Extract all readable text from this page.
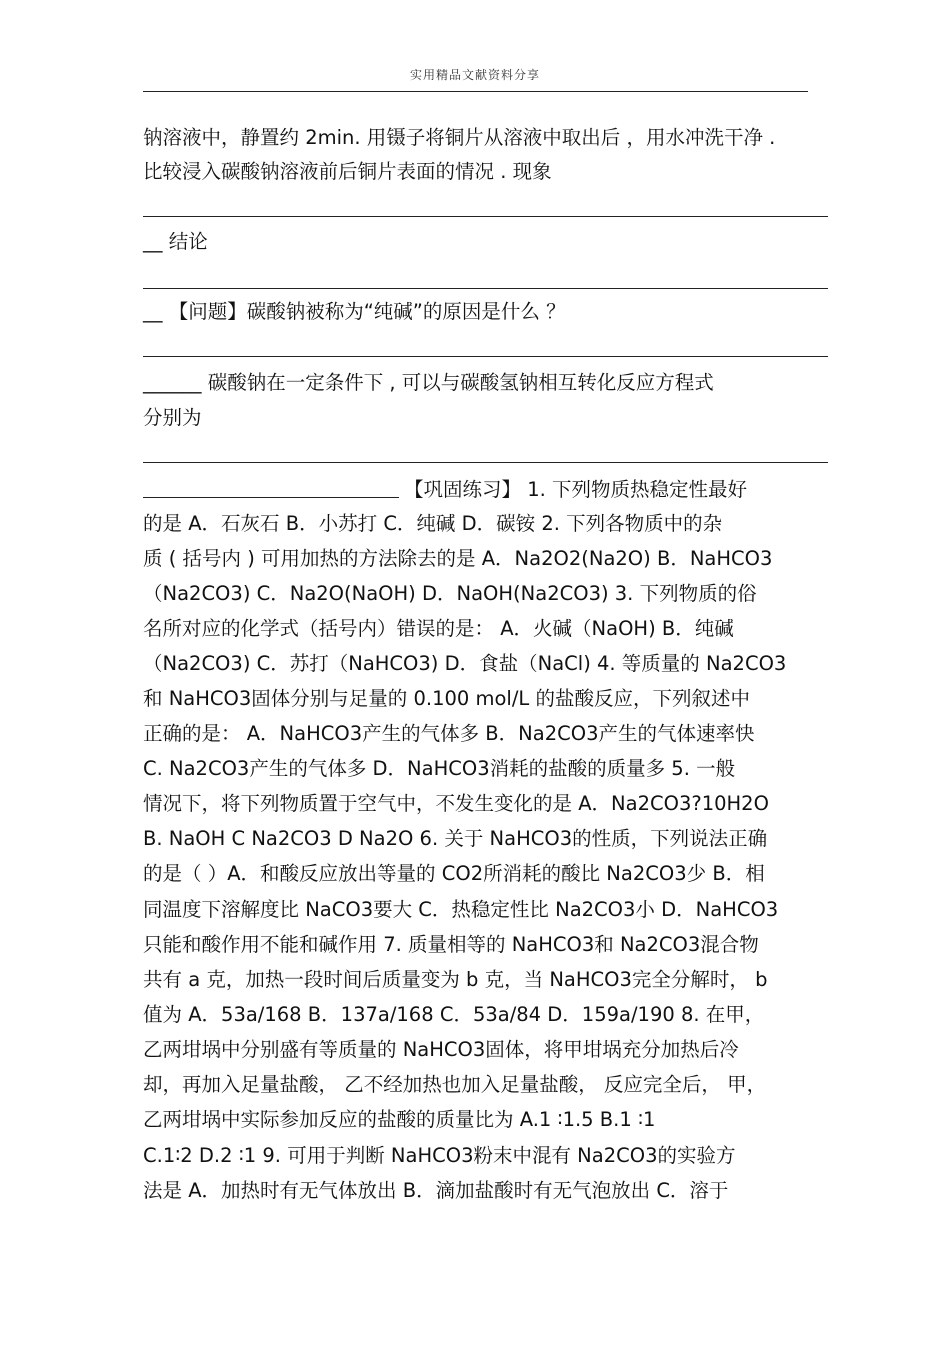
实用精品文献资料分享
钠溶液中，静置约 2min. 用镊子将铜片从溶液中取出后 ，用水冲洗干净 .
比较浸入碳酸钠溶液前后铜片表面的情况 . 现象
__ 结论
__ 【问题】碳酸钠被称为“纯碱”的原因是什么 ？
______ 碳酸钠在一定条件下 , 可以与碳酸氢钠相互转化反应方程式
分别为
【巩固练习】 1. 下列物质热稳定性最好
的是 A．石灰石 B．小苏打 C．纯碱 D．碳铵 2. 下列各物质中的杂
质 ( 括号内 ) 可用加热的方法除去的是 A．Na2O2(Na2O) B．NaHCO3
（Na2CO3) C．Na2O(NaOH) D．NaOH(Na2CO3) 3. 下列物质的俗
名所对应的化学式（括号内）错误的是： A．火碱（NaOH) B．纯碱
（Na2CO3) C．苏打（NaHCO3) D．食盐（NaCl) 4. 等质量的 Na2CO3
和 NaHCO3固体分别与足量的 0.100 mol/L 的盐酸反应，下列叙述中
正确的是： A．NaHCO3产生的气体多 B．Na2CO3产生的气体速率快
C. Na2CO3产生的气体多 D．NaHCO3消耗的盐酸的质量多 5. 一般
情况下，将下列物质置于空气中，不发生变化的是 A．Na2CO3?10H2O
B. NaOH C Na2CO3 D Na2O 6. 关于 NaHCO3的性质，下列说法正确
的是（ ）A．和酸反应放出等量的 CO2所消耗的酸比 Na2CO3少 B．相
同温度下溶解度比 NaCO3要大 C．热稳定性比 Na2CO3小 D．NaHCO3
只能和酸作用不能和碱作用 7. 质量相等的 NaHCO3和 Na2CO3混合物
共有 a 克，加热一段时间后质量变为 b 克，当 NaHCO3完全分解时， b
值为 A．53a/168 B．137a/168 C．53a/84 D．159a/190 8. 在甲，
乙两坩埚中分别盛有等质量的 NaHCO3固体，将甲坩埚充分加热后冷
却，再加入足量盐酸， 乙不经加热也加入足量盐酸， 反应完全后， 甲，
乙两坩埚中实际参加反应的盐酸的质量比为 A.1 ∶1.5 B.1 ∶1
C.1∶2 D.2 ∶1 9. 可用于判断 NaHCO3粉末中混有 Na2CO3的实验方
法是 A．加热时有无气体放出 B．滴加盐酸时有无气泡放出 C．溶于
